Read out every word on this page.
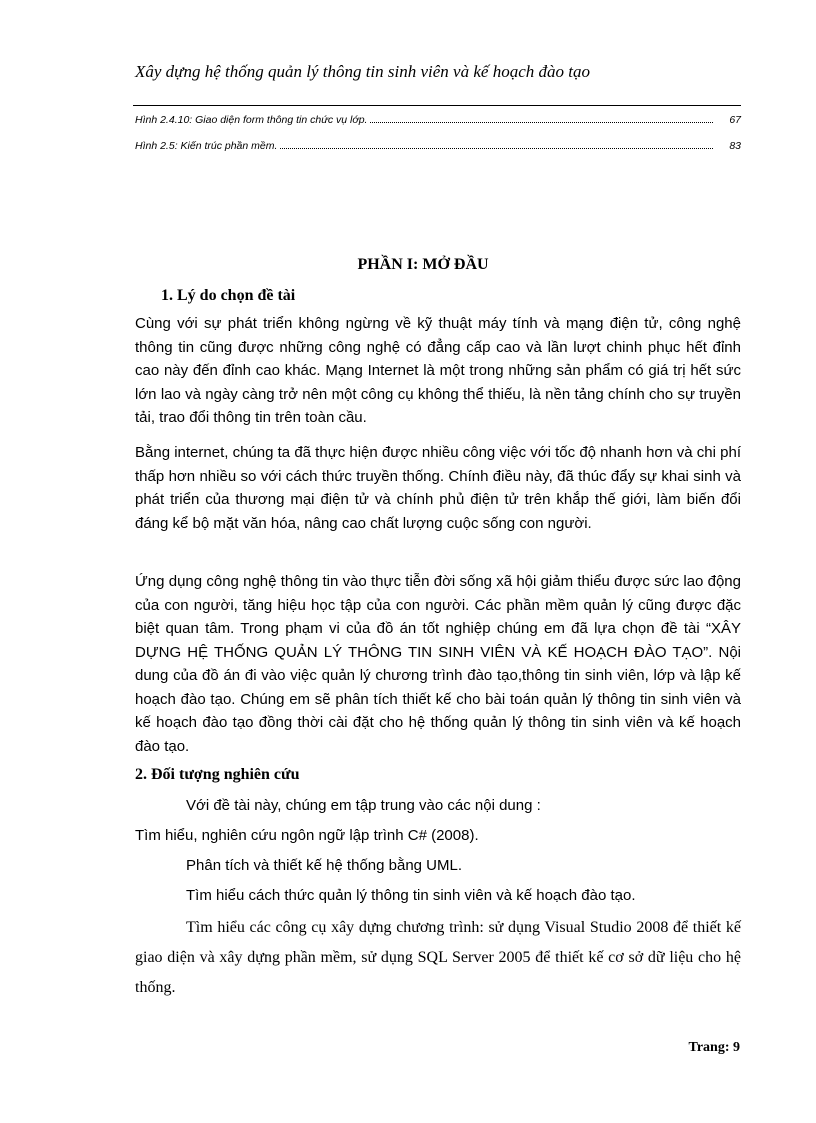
Xây dựng hệ thống quản lý thông tin sinh viên và kế hoạch đào tạo
Hình 2.4.10: Giao diện form thông tin chức vụ lớp.	67
Hình 2.5: Kiến trúc phần mềm.	83
PHẦN I: MỞ ĐẦU
1. Lý do chọn đề tài
Cùng với sự phát triển không ngừng về kỹ thuật máy tính và mạng điện tử, công nghệ thông tin cũng được những công nghệ có đẳng cấp cao và lần lượt chinh phục hết đỉnh cao này đến đỉnh cao khác. Mạng Internet là một trong những sản phẩm có giá trị hết sức lớn lao và ngày càng trở nên một công cụ không thể thiếu, là nền tảng chính cho sự truyền tải, trao đổi thông tin trên toàn cầu.
Bằng internet, chúng ta đã thực hiện được nhiều công việc với tốc độ nhanh hơn và chi phí thấp hơn nhiều so với cách thức truyền thống. Chính điều này, đã thúc đẩy sự khai sinh và phát triển của thương mại điện tử và chính phủ điện tử trên khắp thế giới, làm biến đổi đáng kể bộ mặt văn hóa, nâng cao chất lượng cuộc sống con người.
Ứng dụng công nghệ thông tin vào thực tiễn đời sống xã hội giảm thiểu được sức lao động của con người, tăng hiệu học tập của con người. Các phần mềm quản lý cũng được đặc biệt quan tâm. Trong phạm vi của đồ án tốt nghiệp chúng em đã lựa chọn đề tài “XÂY DỰNG HỆ THỐNG QUẢN LÝ THÔNG TIN SINH VIÊN VÀ KẾ HOẠCH ĐÀO TẠO”. Nội dung của đồ án đi vào việc quản lý chương trình đào tạo,thông tin sinh viên, lớp và lập kế hoạch đào tạo. Chúng em sẽ phân tích thiết kế cho bài toán quản lý thông tin sinh viên và kế hoạch đào tạo đồng thời cài đặt cho hệ thống quản lý thông tin sinh viên và kế hoạch đào tạo.
2. Đối tượng nghiên cứu
Với đề tài này, chúng em tập trung vào các nội dung :
Tìm hiểu, nghiên cứu ngôn ngữ lập trình C# (2008).
Phân tích và thiết kế hệ thống bằng UML.
Tìm hiểu cách thức quản lý thông tin sinh viên và kế hoạch đào tạo.
Tìm hiểu các công cụ xây dựng chương trình: sử dụng Visual Studio 2008 để thiết kế giao diện và xây dựng phần mềm, sử dụng SQL Server 2005 để thiết kế cơ sở dữ liệu cho hệ thống.
Trang: 9
